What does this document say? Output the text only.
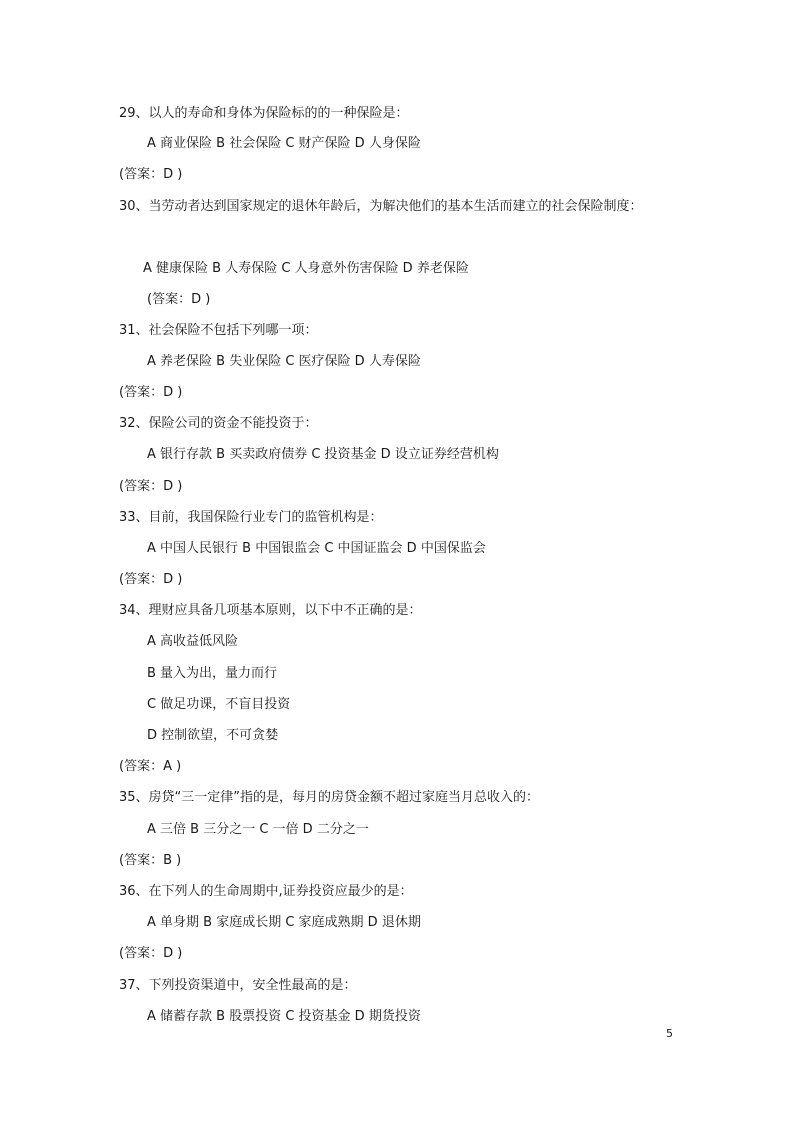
29、以人的寿命和身体为保险标的的一种保险是：
A 商业保险 B 社会保险 C 财产保险 D 人身保险
(答案：D )
30、当劳动者达到国家规定的退休年龄后，为解决他们的基本生活而建立的社会保险制度：
A 健康保险 B 人寿保险 C 人身意外伤害保险 D 养老保险
(答案：D )
31、社会保险不包括下列哪一项：
A 养老保险 B 失业保险 C 医疗保险 D 人寿保险
(答案：D )
32、保险公司的资金不能投资于：
A 银行存款 B 买卖政府债券 C 投资基金 D 设立证券经营机构
(答案：D )
33、目前，我国保险行业专门的监管机构是：
A 中国人民银行 B 中国银监会 C 中国证监会 D 中国保监会
(答案：D )
34、理财应具备几项基本原则，以下中不正确的是：
A 高收益低风险
B 量入为出，量力而行
C 做足功课，不盲目投资
D 控制欲望，不可贪婪
(答案：A )
35、房贷“三一定律”指的是，每月的房贷金额不超过家庭当月总收入的：
A 三倍 B 三分之一 C 一倍 D 二分之一
(答案：B )
36、在下列人的生命周期中,证券投资应最少的是：
A 单身期 B 家庭成长期 C 家庭成熟期 D 退休期
(答案：D )
37、下列投资渠道中，安全性最高的是：
A 储蓄存款 B 股票投资 C 投资基金 D 期货投资
5
